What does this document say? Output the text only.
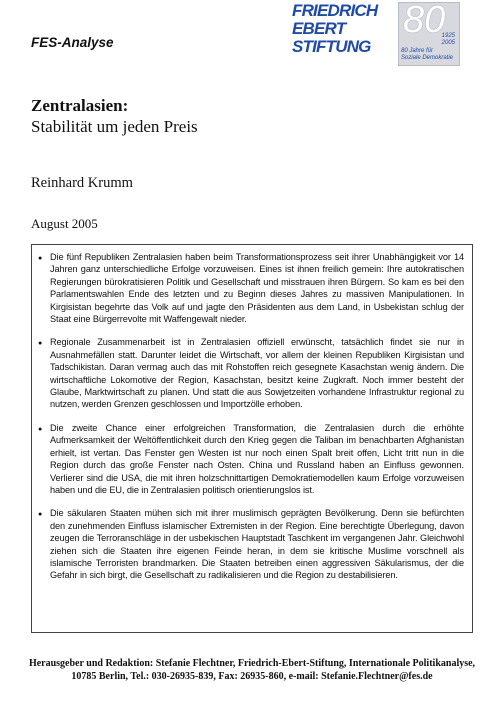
FES-Analyse
FRIEDRICH
EBERT
STIFTUNG
80
1925
2005
80 Jahre für
Soziale Demokratie
Zentralasien:
Stabilität um jeden Preis
Reinhard Krumm
August 2005
● Die fünf Republiken Zentralasien haben beim Transformationsprozess seit ihrer Unabhängigkeit vor 14 Jahren ganz unterschiedliche Erfolge vorzuweisen. Eines ist ihnen freilich gemein: Ihre autokratischen Regierungen bürokratisieren Politik und Gesellschaft und misstrauen ihren Bürgern. So kam es bei den Parlamentswahlen Ende des letzten und zu Beginn dieses Jahres zu massiven Manipulationen. In Kirgisistan begehrte das Volk auf und jagte den Präsidenten aus dem Land, in Usbekistan schlug der Staat eine Bürgerrevolte mit Waffengewalt nieder.
● Regionale Zusammenarbeit ist in Zentralasien offiziell erwünscht, tatsächlich findet sie nur in Ausnahmefällen statt. Darunter leidet die Wirtschaft, vor allem der kleinen Republiken Kirgisistan und Tadschikistan. Daran vermag auch das mit Rohstoffen reich gesegnete Kasachstan wenig ändern. Die wirtschaftliche Lokomotive der Region, Kasachstan, besitzt keine Zugkraft. Noch immer besteht der Glaube, Marktwirtschaft zu planen. Und statt die aus Sowjetzeiten vorhandene Infrastruktur regional zu nutzen, werden Grenzen geschlossen und Importzölle erhoben.
● Die zweite Chance einer erfolgreichen Transformation, die Zentralasien durch die erhöhte Aufmerksamkeit der Weltöffentlichkeit durch den Krieg gegen die Taliban im benachbarten Afghanistan erhielt, ist vertan. Das Fenster gen Westen ist nur noch einen Spalt breit offen, Licht tritt nun in die Region durch das große Fenster nach Osten. China und Russland haben an Einfluss gewonnen. Verlierer sind die USA, die mit ihren holzschnittartigen Demokratiemodellen kaum Erfolge vorzuweisen haben und die EU, die in Zentralasien politisch orientierungslos ist.
● Die säkularen Staaten mühen sich mit ihrer muslimisch geprägten Bevölkerung. Denn sie befürchten den zunehmenden Einfluss islamischer Extremisten in der Region. Eine berechtigte Überlegung, davon zeugen die Terroranschläge in der usbekischen Hauptstadt Taschkent im vergangenen Jahr. Gleichwohl ziehen sich die Staaten ihre eigenen Feinde heran, in dem sie kritische Muslime vorschnell als islamische Terroristen brandmarken. Die Staaten betreiben einen aggressiven Säkularismus, der die Gefahr in sich birgt, die Gesellschaft zu radikalisieren und die Region zu destabilisieren.
Herausgeber und Redaktion: Stefanie Flechtner, Friedrich-Ebert-Stiftung, Internationale Politikanalyse,
10785 Berlin, Tel.: 030-26935-839, Fax: 26935-860, e-mail: Stefanie.Flechtner@fes.de
